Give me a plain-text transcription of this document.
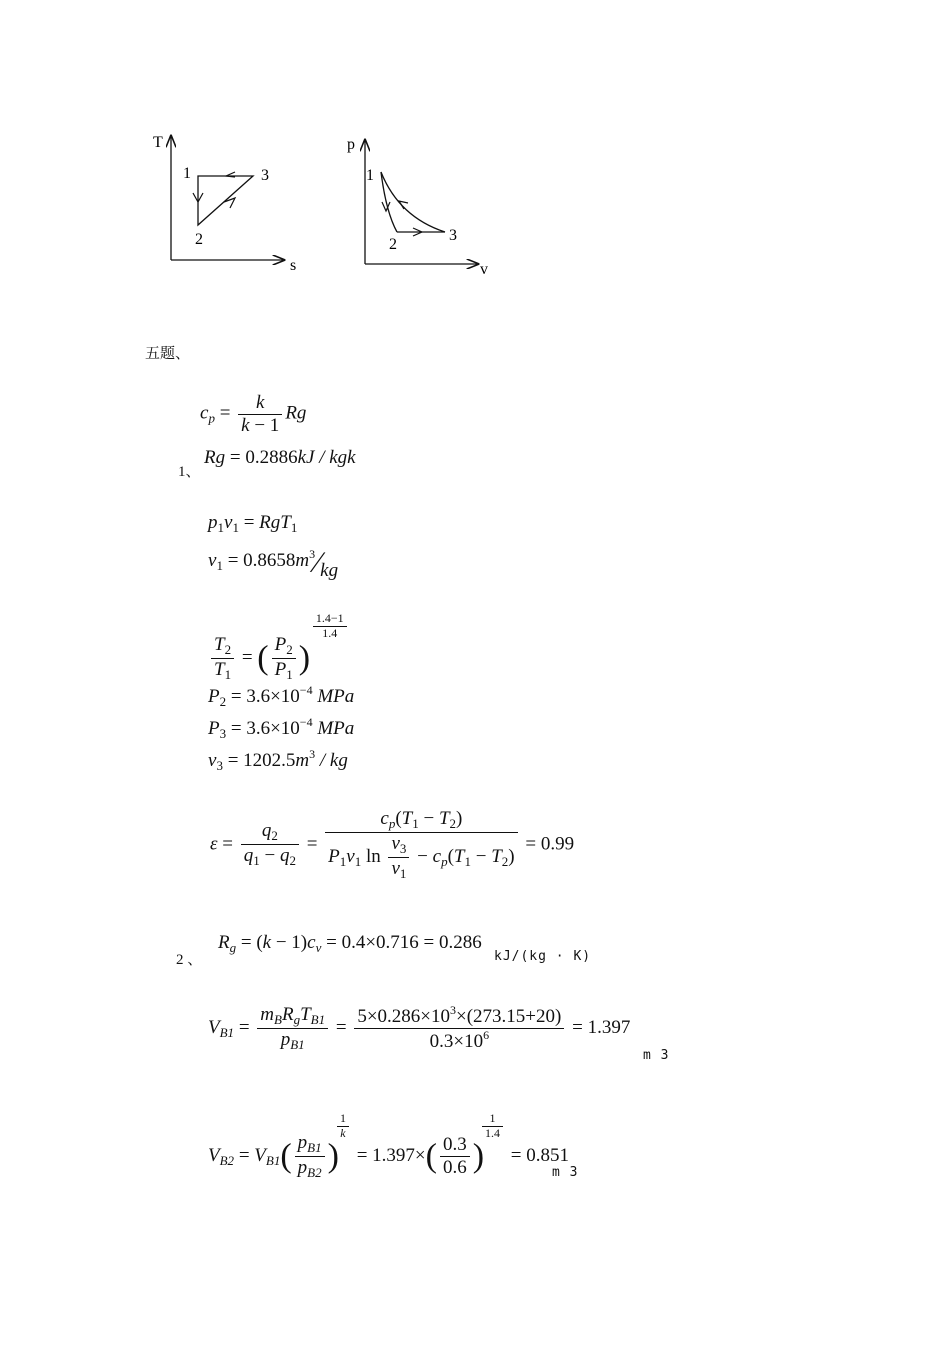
T
s
1
2
3
p
v
1
2
3
五题、
$c_p = \frac{k}{k - 1}$ Rg
1、
Rg = 0.2886kJ / kgk
$p_1v_1 = RgT_1$
$v_1$ = $0.8658m^3∕kg$
$\frac{T_2}{T_1}$ = ( $\frac{P_2}{P_1}$ )
$\frac{1.4-1}{1.4}$
$P_2 = 3.6\times 10^{-4}$ MPa
$P_3 = 3.6\times 10^{-4}$ MPa
$v_3 = 1202.5m^3$ / kg
$\varepsilon = \frac{q_2}{q_1 - q_2} = \frac{c_p(T_1 - T_2)}{P_1v_1 \ln \frac{v_3}{v_1} - c_p(T_1 - T_2)} = 0.99$
2 、
$R_g = (k - 1)c_v = 0.4\times 0.716 = 0.286$
kJ/(kg · K)
$V_{B1} = \frac{m_BR_gT_{B1}}{p_{B1}} = \frac{5\times 0.286\times 10^3\times(273.15+20)}{0.3\times 10^6} = 1.397$
m 3
$V_{B2} = V_{B1}( \frac{p_{B1}}{p_{B2}}$ )
$\frac{1}{k}$
= $1.397\times( \frac{0.3}{0.6}$ )
$\frac{1}{1.4}$
= 0.851
m 3
